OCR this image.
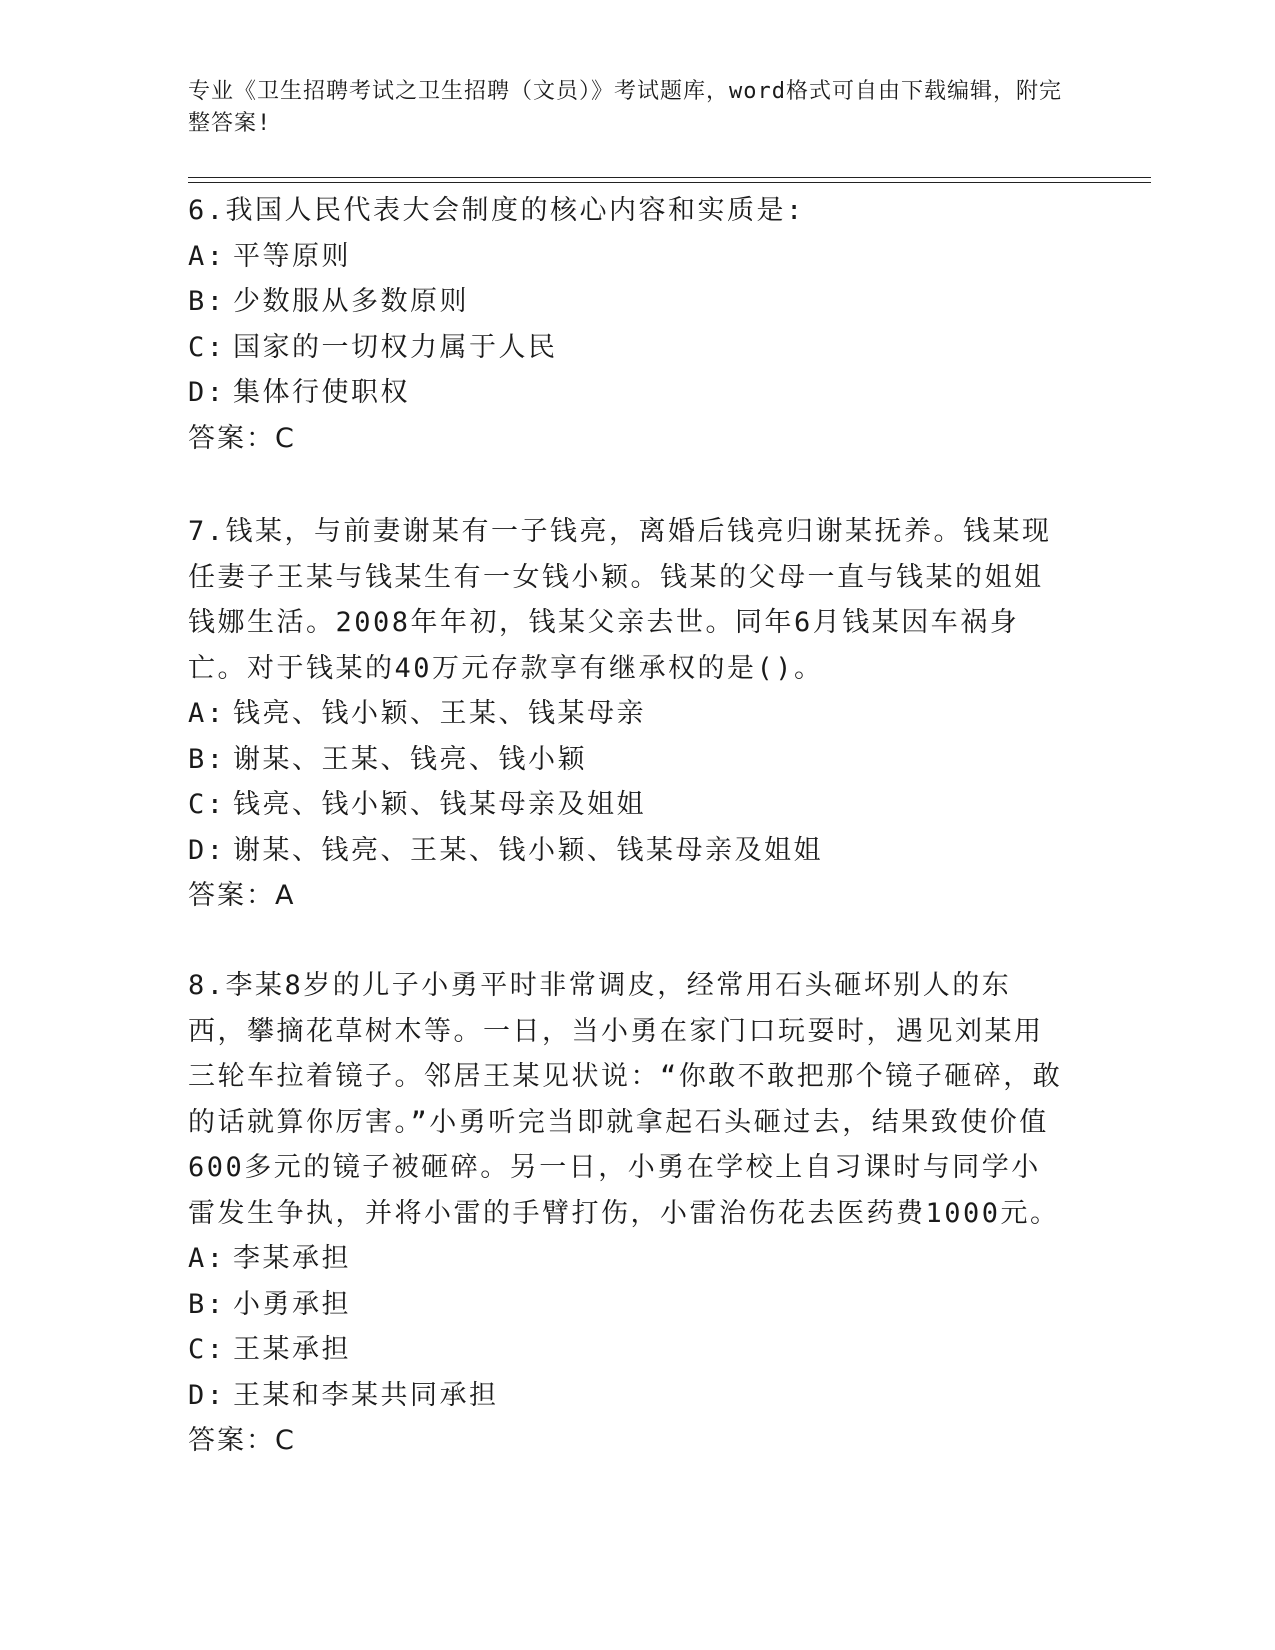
专业《卫生招聘考试之卫生招聘（文员）》考试题库，word格式可自由下载编辑，附完整答案!

6.我国人民代表大会制度的核心内容和实质是:

A: 平等原则

B: 少数服从多数原则

C: 国家的一切权力属于人民

D: 集体行使职权

答案：C

7.钱某，与前妻谢某有一子钱亮，离婚后钱亮归谢某抚养。钱某现任妻子王某与钱某生有一女钱小颖。钱某的父母一直与钱某的姐姐钱娜生活。2008年年初，钱某父亲去世。同年6月钱某因车祸身亡。对于钱某的40万元存款享有继承权的是()。

A: 钱亮、钱小颖、王某、钱某母亲

B: 谢某、王某、钱亮、钱小颖

C: 钱亮、钱小颖、钱某母亲及姐姐

D: 谢某、钱亮、王某、钱小颖、钱某母亲及姐姐

答案：A

8.李某8岁的儿子小勇平时非常调皮，经常用石头砸坏别人的东西，攀摘花草树木等。一日，当小勇在家门口玩耍时，遇见刘某用三轮车拉着镜子。邻居王某见状说：“你敢不敢把那个镜子砸碎，敢的话就算你厉害。”小勇听完当即就拿起石头砸过去，结果致使价值600多元的镜子被砸碎。另一日，小勇在学校上自习课时与同学小雷发生争执，并将小雷的手臂打伤，小雷治伤花去医药费1000元。

A: 李某承担

B: 小勇承担

C: 王某承担

D: 王某和李某共同承担

答案：C
